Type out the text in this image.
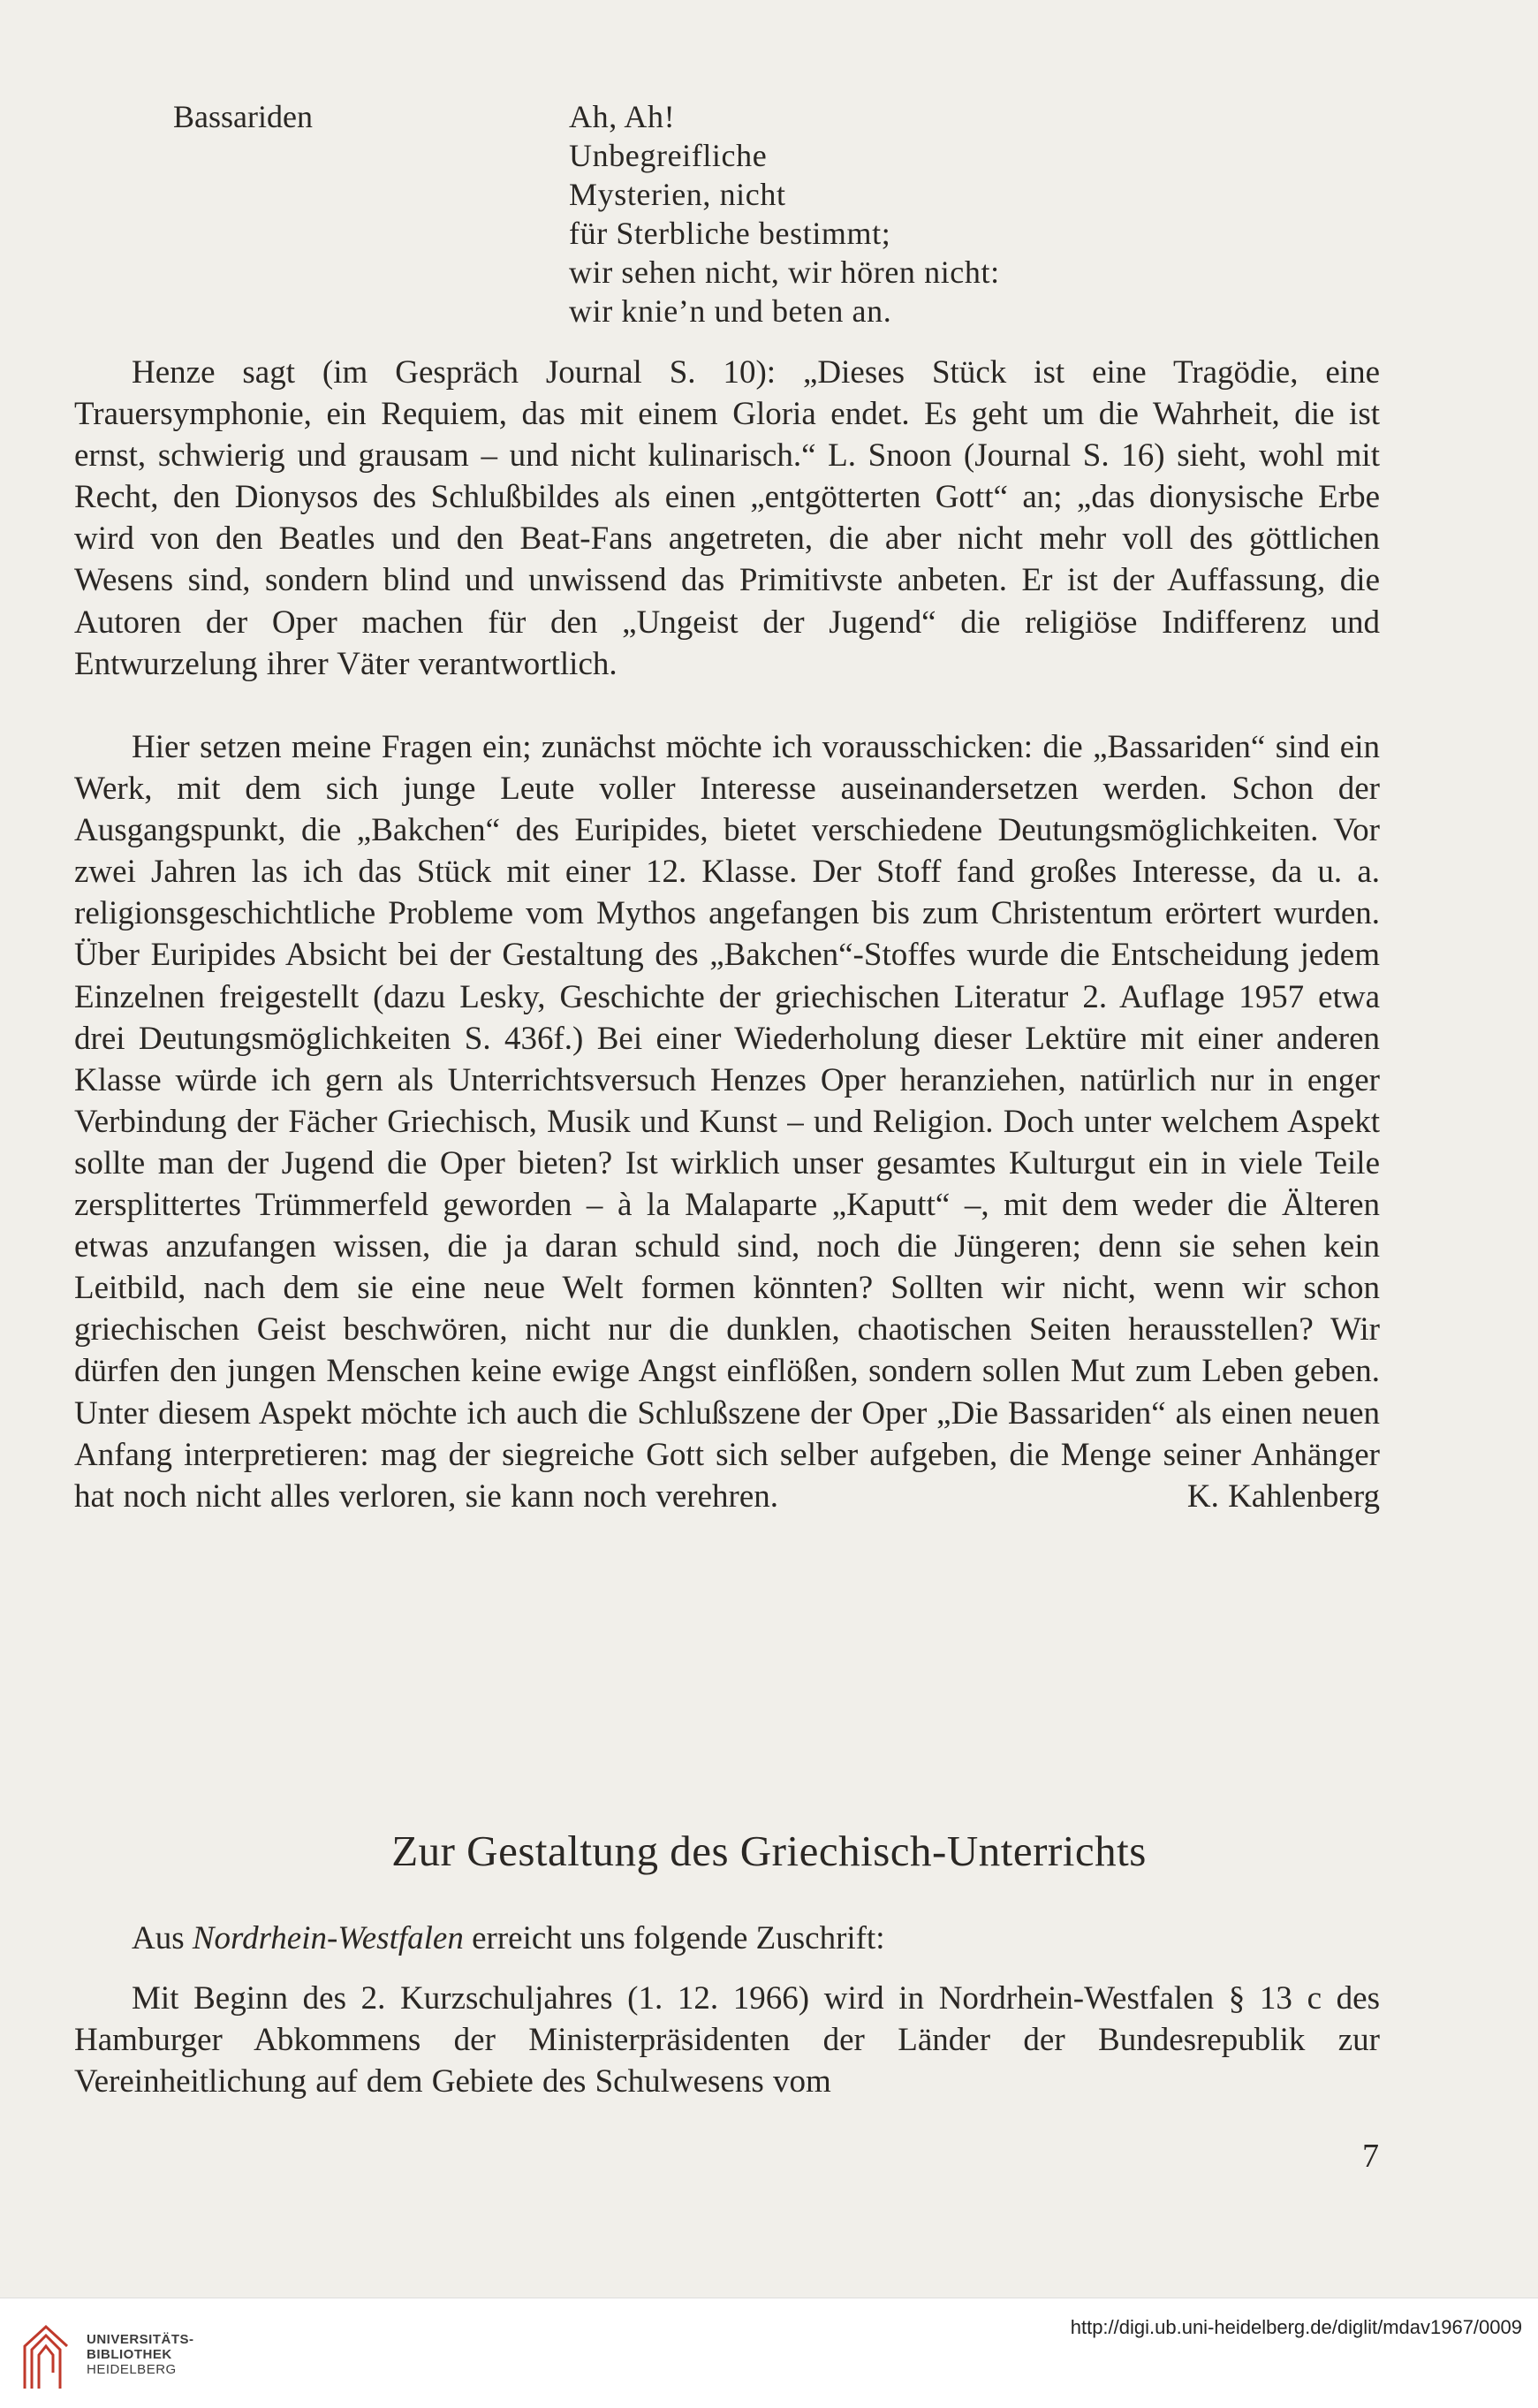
Bassariden	Ah, Ah!
Unbegreifliche
Mysterien, nicht
für Sterbliche bestimmt;
wir sehen nicht, wir hören nicht:
wir knie’n und beten an.

Henze sagt (im Gespräch Journal S. 10): „Dieses Stück ist eine Tragödie, eine Trauersymphonie, ein Requiem, das mit einem Gloria endet. Es geht um die Wahrheit, die ist ernst, schwierig und grausam – und nicht kulinarisch.“ L. Snoon (Journal S. 16) sieht, wohl mit Recht, den Dionysos des Schlußbildes als einen „entgötterten Gott“ an; „das dionysische Erbe wird von den Beatles und den Beat-Fans angetreten, die aber nicht mehr voll des göttlichen Wesens sind, sondern blind und unwissend das Primitivste anbeten. Er ist der Auffassung, die Autoren der Oper machen für den „Ungeist der Jugend“ die religiöse Indifferenz und Entwurzelung ihrer Väter verantwortlich.

Hier setzen meine Fragen ein; zunächst möchte ich vorausschicken: die „Bassariden“ sind ein Werk, mit dem sich junge Leute voller Interesse auseinandersetzen werden. Schon der Ausgangspunkt, die „Bakchen“ des Euripides, bietet verschiedene Deutungsmöglichkeiten. Vor zwei Jahren las ich das Stück mit einer 12. Klasse. Der Stoff fand großes Interesse, da u. a. religionsgeschichtliche Probleme vom Mythos angefangen bis zum Christentum erörtert wurden. Über Euripides Absicht bei der Gestaltung des „Bakchen“-Stoffes wurde die Entscheidung jedem Einzelnen freigestellt (dazu Lesky, Geschichte der griechischen Literatur 2. Auflage 1957 etwa drei Deutungsmöglichkeiten S. 436f.) Bei einer Wiederholung dieser Lektüre mit einer anderen Klasse würde ich gern als Unterrichtsversuch Henzes Oper heranziehen, natürlich nur in enger Verbindung der Fächer Griechisch, Musik und Kunst – und Religion. Doch unter welchem Aspekt sollte man der Jugend die Oper bieten? Ist wirklich unser gesamtes Kulturgut ein in viele Teile zersplittertes Trümmerfeld geworden – à la Malaparte „Kaputt“ –, mit dem weder die Älteren etwas anzufangen wissen, die ja daran schuld sind, noch die Jüngeren; denn sie sehen kein Leitbild, nach dem sie eine neue Welt formen könnten? Sollten wir nicht, wenn wir schon griechischen Geist beschwören, nicht nur die dunklen, chaotischen Seiten herausstellen? Wir dürfen den jungen Menschen keine ewige Angst einflößen, sondern sollen Mut zum Leben geben. Unter diesem Aspekt möchte ich auch die Schlußszene der Oper „Die Bassariden“ als einen neuen Anfang interpretieren: mag der siegreiche Gott sich selber aufgeben, die Menge seiner Anhänger hat noch nicht alles verloren, sie kann noch verehren.	K. Kahlenberg

Zur Gestaltung des Griechisch-Unterrichts
Aus Nordrhein-Westfalen erreicht uns folgende Zuschrift:

Mit Beginn des 2. Kurzschuljahres (1. 12. 1966) wird in Nordrhein-Westfalen § 13 c des Hamburger Abkommens der Ministerpräsidenten der Länder der Bundesrepublik zur Vereinheitlichung auf dem Gebiete des Schulwesens vom

7
UNIVERSITÄTS-
BIBLIOTHEK
HEIDELBERG
http://digi.ub.uni-heidelberg.de/diglit/mdav1967/0009
